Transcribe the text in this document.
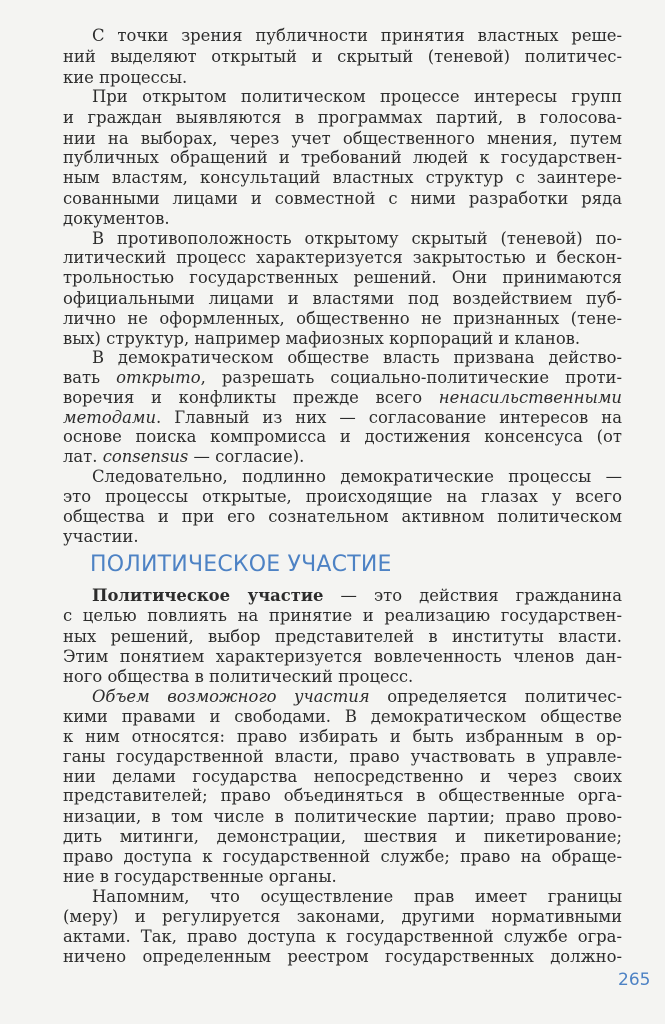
С точки зрения публичности принятия властных реше-
ний выделяют открытый и скрытый (теневой) политичес-
кие процессы.
При открытом политическом процессе интересы групп
и граждан выявляются в программах партий, в голосова-
нии на выборах, через учет общественного мнения, путем
публичных обращений и требований людей к государствен-
ным властям, консультаций властных структур с заинтере-
сованными лицами и совместной с ними разработки ряда
документов.
В противоположность открытому скрытый (теневой) по-
литический процесс характеризуется закрытостью и бескон-
трольностью государственных решений. Они принимаются
официальными лицами и властями под воздействием пуб-
лично не оформленных, общественно не признанных (тене-
вых) структур, например мафиозных корпораций и кланов.
В демократическом обществе власть призвана действо-
вать открыто, разрешать социально-политические проти-
воречия и конфликты прежде всего ненасильственными
методами. Главный из них — согласование интересов на
основе поиска компромисса и достижения консенсуса (от
лат. consensus — согласие).
Следовательно, подлинно демократические процессы —
это процессы открытые, происходящие на глазах у всего
общества и при его сознательном активном политическом
участии.
Политическое участие — это действия гражданина
с целью повлиять на принятие и реализацию государствен-
ных решений, выбор представителей в институты власти.
Этим понятием характеризуется вовлеченность членов дан-
ного общества в политический процесс.
Объем возможного участия определяется политичес-
кими правами и свободами. В демократическом обществе
к ним относятся: право избирать и быть избранным в ор-
ганы государственной власти, право участвовать в управле-
нии делами государства непосредственно и через своих
представителей; право объединяться в общественные орга-
низации, в том числе в политические партии; право прово-
дить митинги, демонстрации, шествия и пикетирование;
право доступа к государственной службе; право на обраще-
ние в государственные органы.
Напомним, что осуществление прав имеет границы
(меру) и регулируется законами, другими нормативными
актами. Так, право доступа к государственной службе огра-
ничено определенным реестром государственных должно-
ПОЛИТИЧЕСКОЕ УЧАСТИЕ
265
